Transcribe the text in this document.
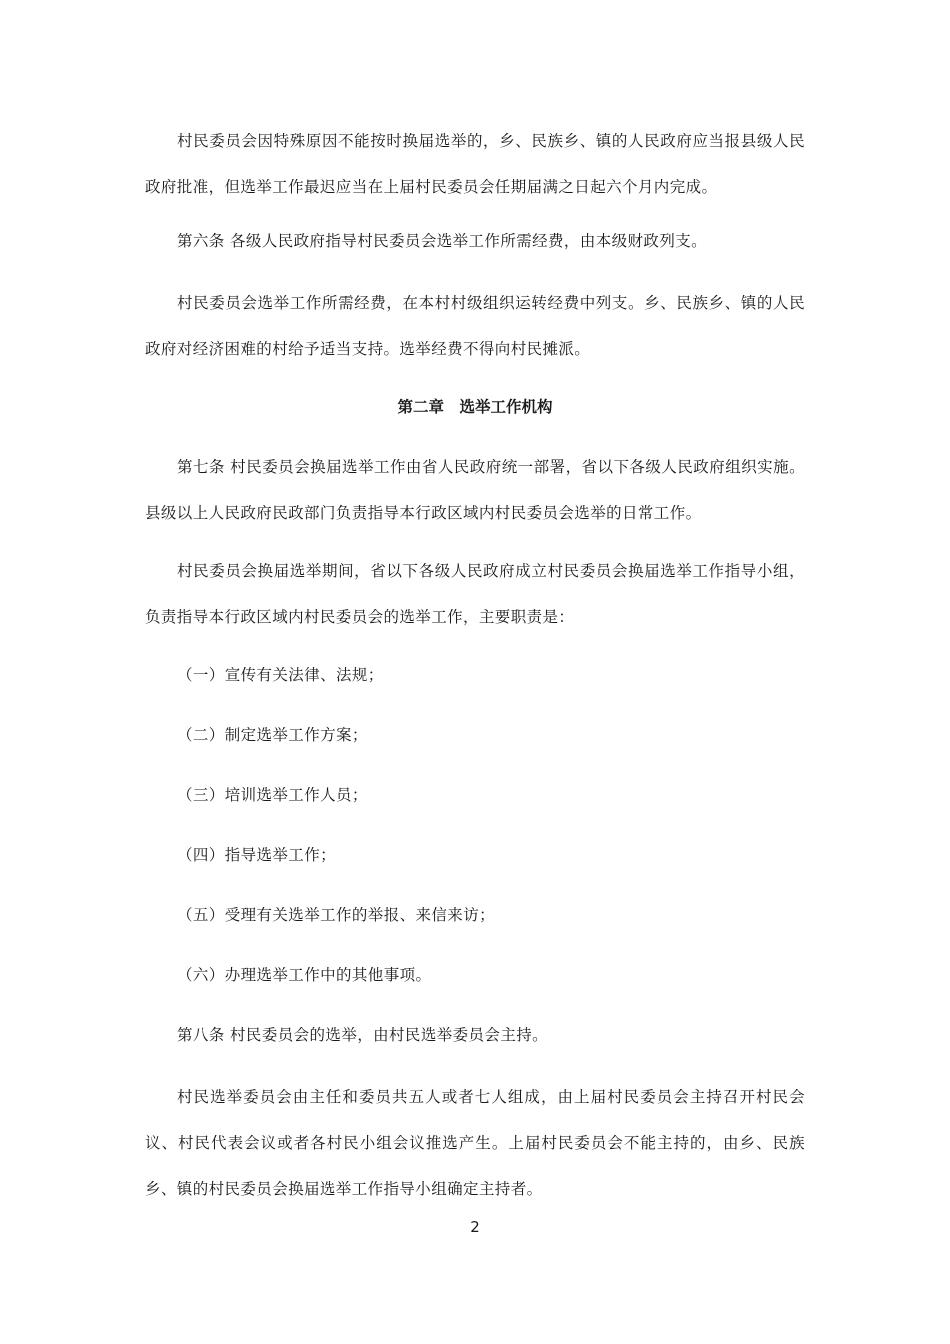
村民委员会因特殊原因不能按时换届选举的，乡、民族乡、镇的人民政府应当报县级人民政府批准，但选举工作最迟应当在上届村民委员会任期届满之日起六个月内完成。

第六条 各级人民政府指导村民委员会选举工作所需经费，由本级财政列支。

村民委员会选举工作所需经费，在本村村级组织运转经费中列支。乡、民族乡、镇的人民政府对经济困难的村给予适当支持。选举经费不得向村民摊派。

第二章　选举工作机构

第七条 村民委员会换届选举工作由省人民政府统一部署，省以下各级人民政府组织实施。县级以上人民政府民政部门负责指导本行政区域内村民委员会选举的日常工作。

村民委员会换届选举期间，省以下各级人民政府成立村民委员会换届选举工作指导小组，负责指导本行政区域内村民委员会的选举工作，主要职责是：

（一）宣传有关法律、法规；

（二）制定选举工作方案；

（三）培训选举工作人员；

（四）指导选举工作；

（五）受理有关选举工作的举报、来信来访；

（六）办理选举工作中的其他事项。

第八条 村民委员会的选举，由村民选举委员会主持。

村民选举委员会由主任和委员共五人或者七人组成，由上届村民委员会主持召开村民会议、村民代表会议或者各村民小组会议推选产生。上届村民委员会不能主持的，由乡、民族乡、镇的村民委员会换届选举工作指导小组确定主持者。

2
